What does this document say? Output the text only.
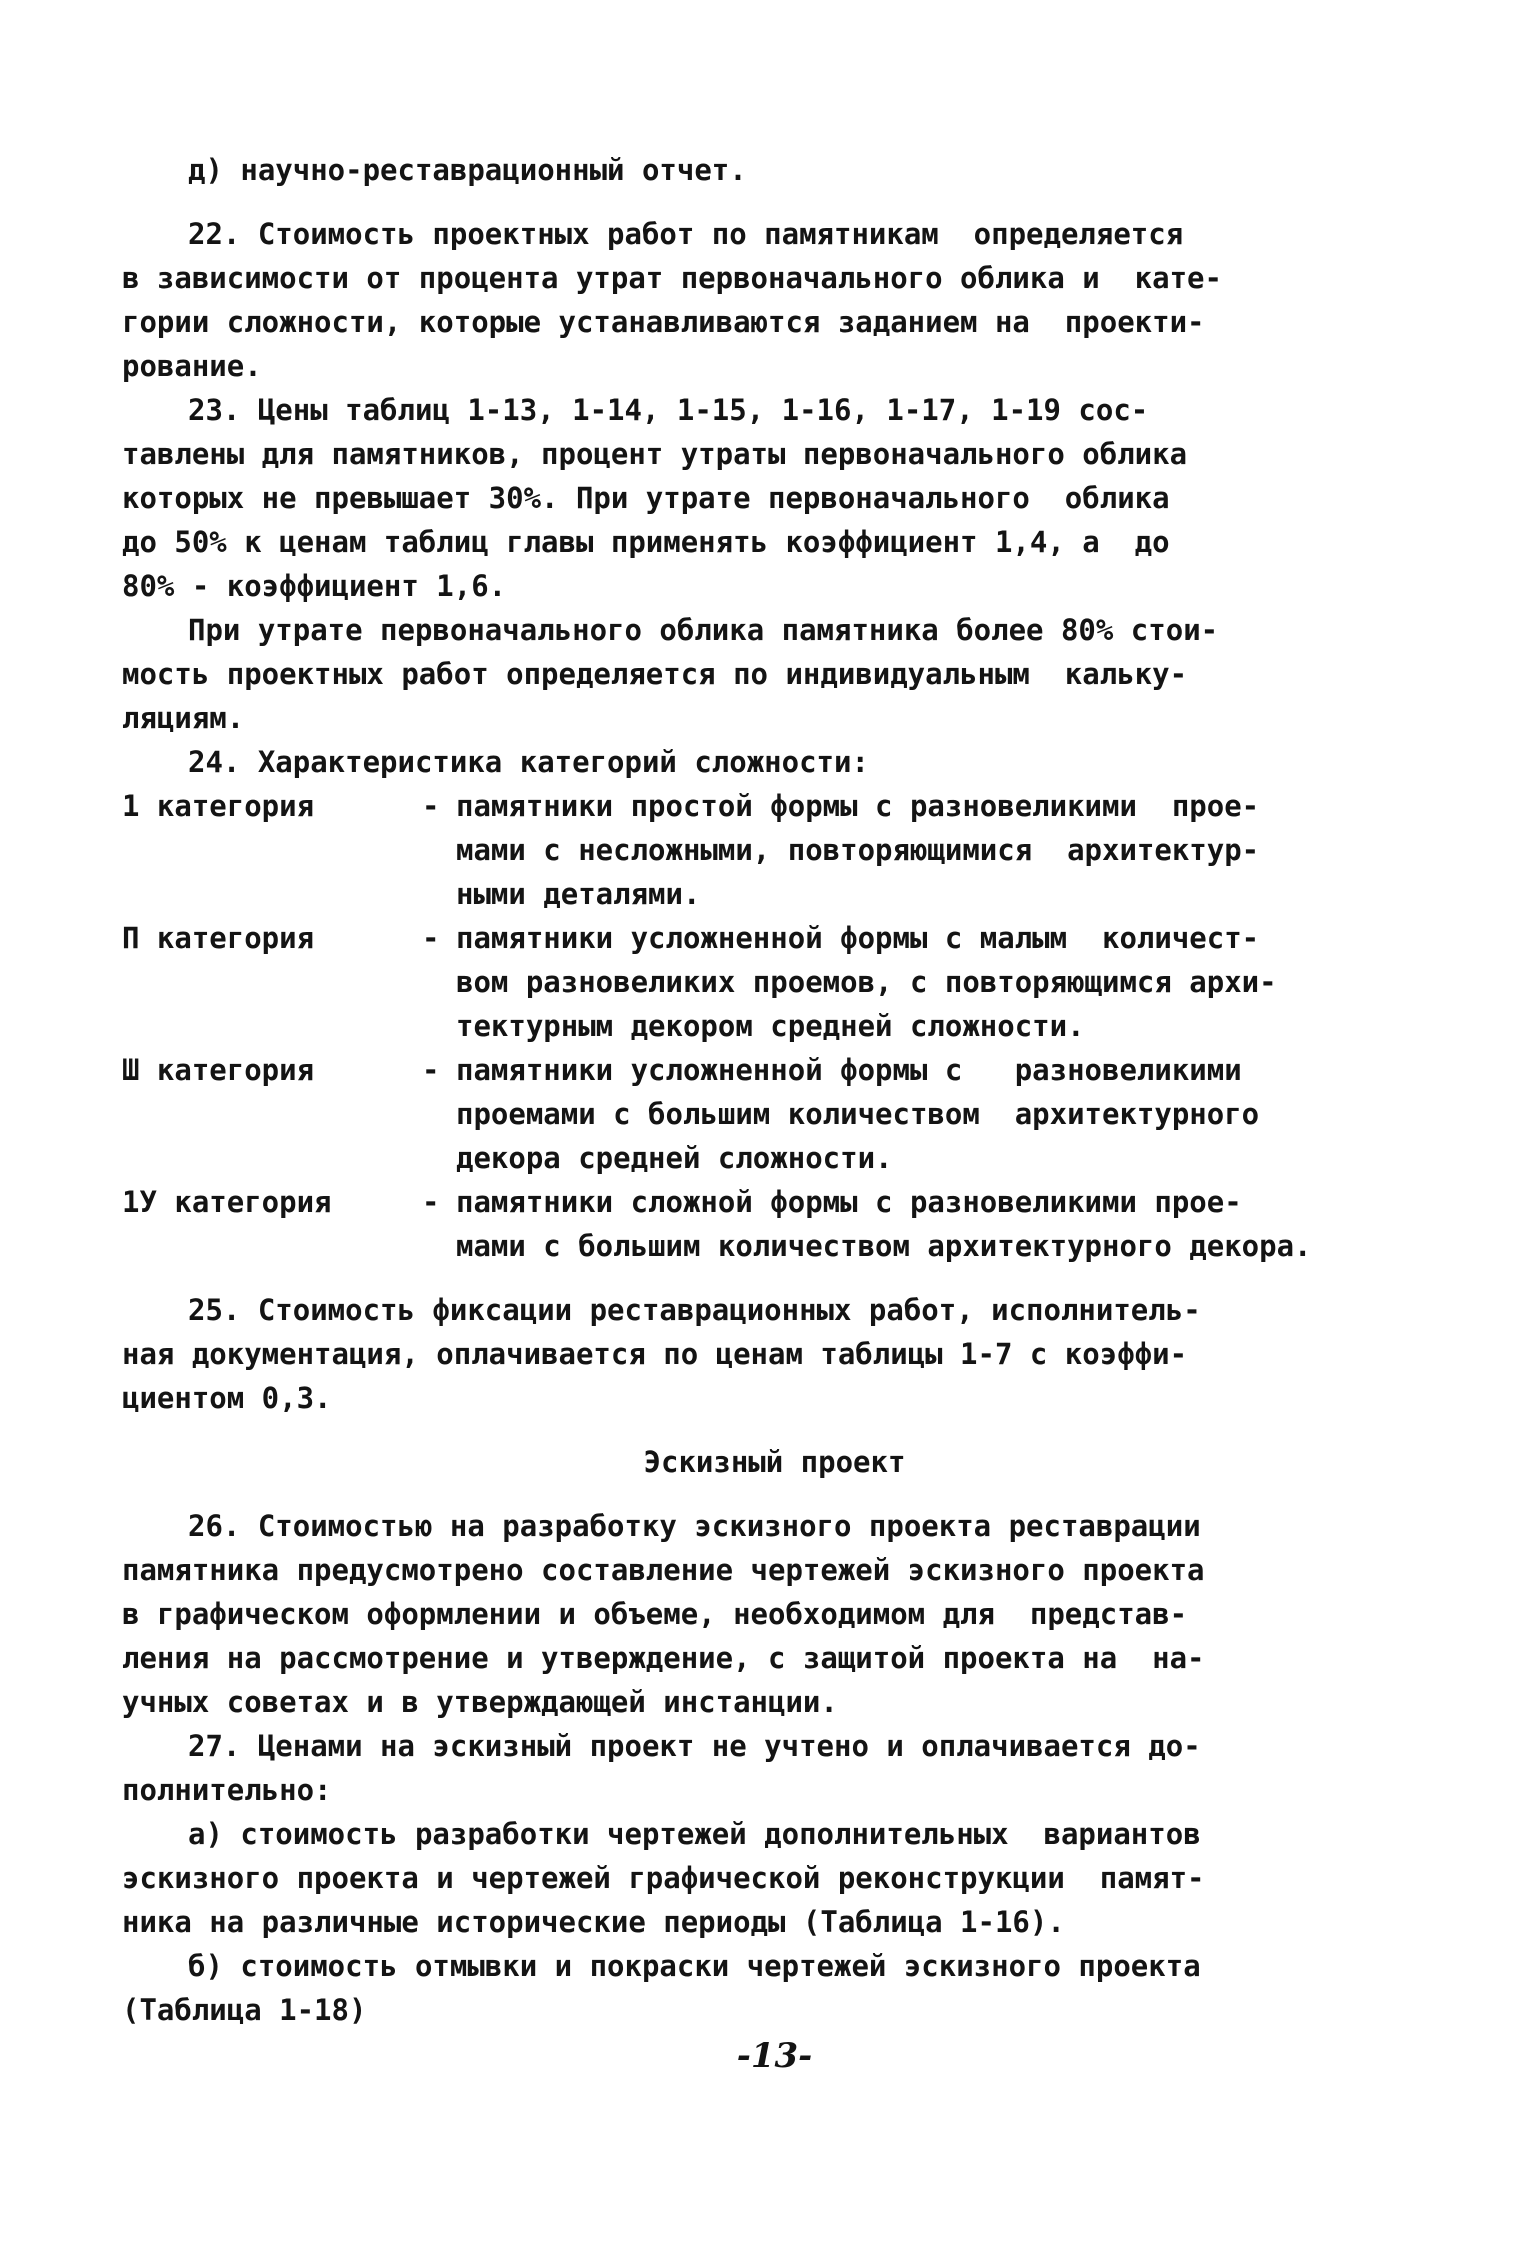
д) научно-реставрационный отчет.
22. Стоимость проектных работ по памятникам  определяется
в зависимости от процента утрат первоначального облика и  кате-
гории сложности, которые устанавливаются заданием на  проекти-
рование.
23. Цены таблиц 1-13, 1-14, 1-15, 1-16, 1-17, 1-19 сос-
тавлены для памятников, процент утраты первоначального облика
которых не превышает 30%. При утрате первоначального  облика
до 50% к ценам таблиц главы применять коэффициент 1,4, а  до
80% - коэффициент 1,6.
При утрате первоначального облика памятника более 80% стои-
мость проектных работ определяется по индивидуальным  кальку-
ляциям.
24. Характеристика категорий сложности:
1 категория	- памятники простой формы с разновеликими  прое-
мами с несложными, повторяющимися  архитектур-
ными деталями.
П категория	- памятники усложненной формы с малым  количест-
вом разновеликих проемов, с повторяющимся архи-
тектурным декором средней сложности.
Ш категория	- памятники усложненной формы с   разновеликими
проемами с большим количеством  архитектурного
декора средней сложности.
1У категория	- памятники сложной формы с разновеликими прое-
мами с большим количеством архитектурного декора.
25. Стоимость фиксации реставрационных работ, исполнитель-
ная документация, оплачивается по ценам таблицы 1-7 с коэффи-
циентом 0,3.
Эскизный проект
26. Стоимостью на разработку эскизного проекта реставрации
памятника предусмотрено составление чертежей эскизного проекта
в графическом оформлении и объеме, необходимом для  представ-
ления на рассмотрение и утверждение, с защитой проекта на  на-
учных советах и в утверждающей инстанции.
27. Ценами на эскизный проект не учтено и оплачивается до-
полнительно:
а) стоимость разработки чертежей дополнительных  вариантов
эскизного проекта и чертежей графической реконструкции  памят-
ника на различные исторические периоды (Таблица 1-16).
б) стоимость отмывки и покраски чертежей эскизного проекта
(Таблица 1-18)
-13-
